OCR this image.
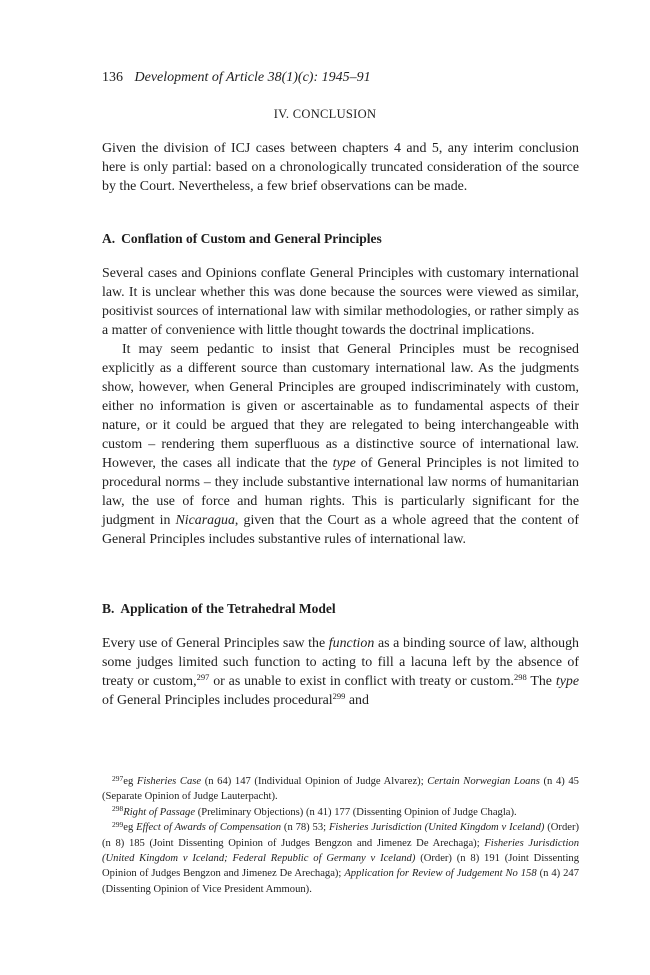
136 Development of Article 38(1)(c): 1945–91
IV. CONCLUSION

Given the division of ICJ cases between chapters 4 and 5, any interim conclusion here is only partial: based on a chronologically truncated consideration of the source by the Court. Nevertheless, a few brief observations can be made.

A. Conflation of Custom and General Principles

Several cases and Opinions conflate General Principles with customary international law. It is unclear whether this was done because the sources were viewed as similar, positivist sources of international law with similar methodologies, or rather simply as a matter of convenience with little thought towards the doctrinal implications.

It may seem pedantic to insist that General Principles must be recognised explicitly as a different source than customary international law. As the judgments show, however, when General Principles are grouped indiscriminately with custom, either no information is given or ascertainable as to fundamental aspects of their nature, or it could be argued that they are relegated to being interchangeable with custom – rendering them superfluous as a distinctive source of international law. However, the cases all indicate that the type of General Principles is not limited to procedural norms – they include substantive international law norms of humanitarian law, the use of force and human rights. This is particularly significant for the judgment in Nicaragua, given that the Court as a whole agreed that the content of General Principles includes substantive rules of international law.

B. Application of the Tetrahedral Model

Every use of General Principles saw the function as a binding source of law, although some judges limited such function to acting to fill a lacuna left by the absence of treaty or custom,$^{297}$ or as unable to exist in conflict with treaty or custom.$^{298}$ The type of General Principles includes procedural$^{299}$ and

$^{297}$eg Fisheries Case (n 64) 147 (Individual Opinion of Judge Alvarez); Certain Norwegian Loans (n 4) 45 (Separate Opinion of Judge Lauterpacht).

$^{298}$Right of Passage (Preliminary Objections) (n 41) 177 (Dissenting Opinion of Judge Chagla).

$^{299}$eg Effect of Awards of Compensation (n 78) 53; Fisheries Jurisdiction (United Kingdom v Iceland) (Order) (n 8) 185 (Joint Dissenting Opinion of Judges Bengzon and Jimenez De Arechaga); Fisheries Jurisdiction (United Kingdom v Iceland; Federal Republic of Germany v Iceland) (Order) (n 8) 191 (Joint Dissenting Opinion of Judges Bengzon and Jimenez De Arechaga); Application for Review of Judgement No 158 (n 4) 247 (Dissenting Opinion of Vice President Ammoun).
